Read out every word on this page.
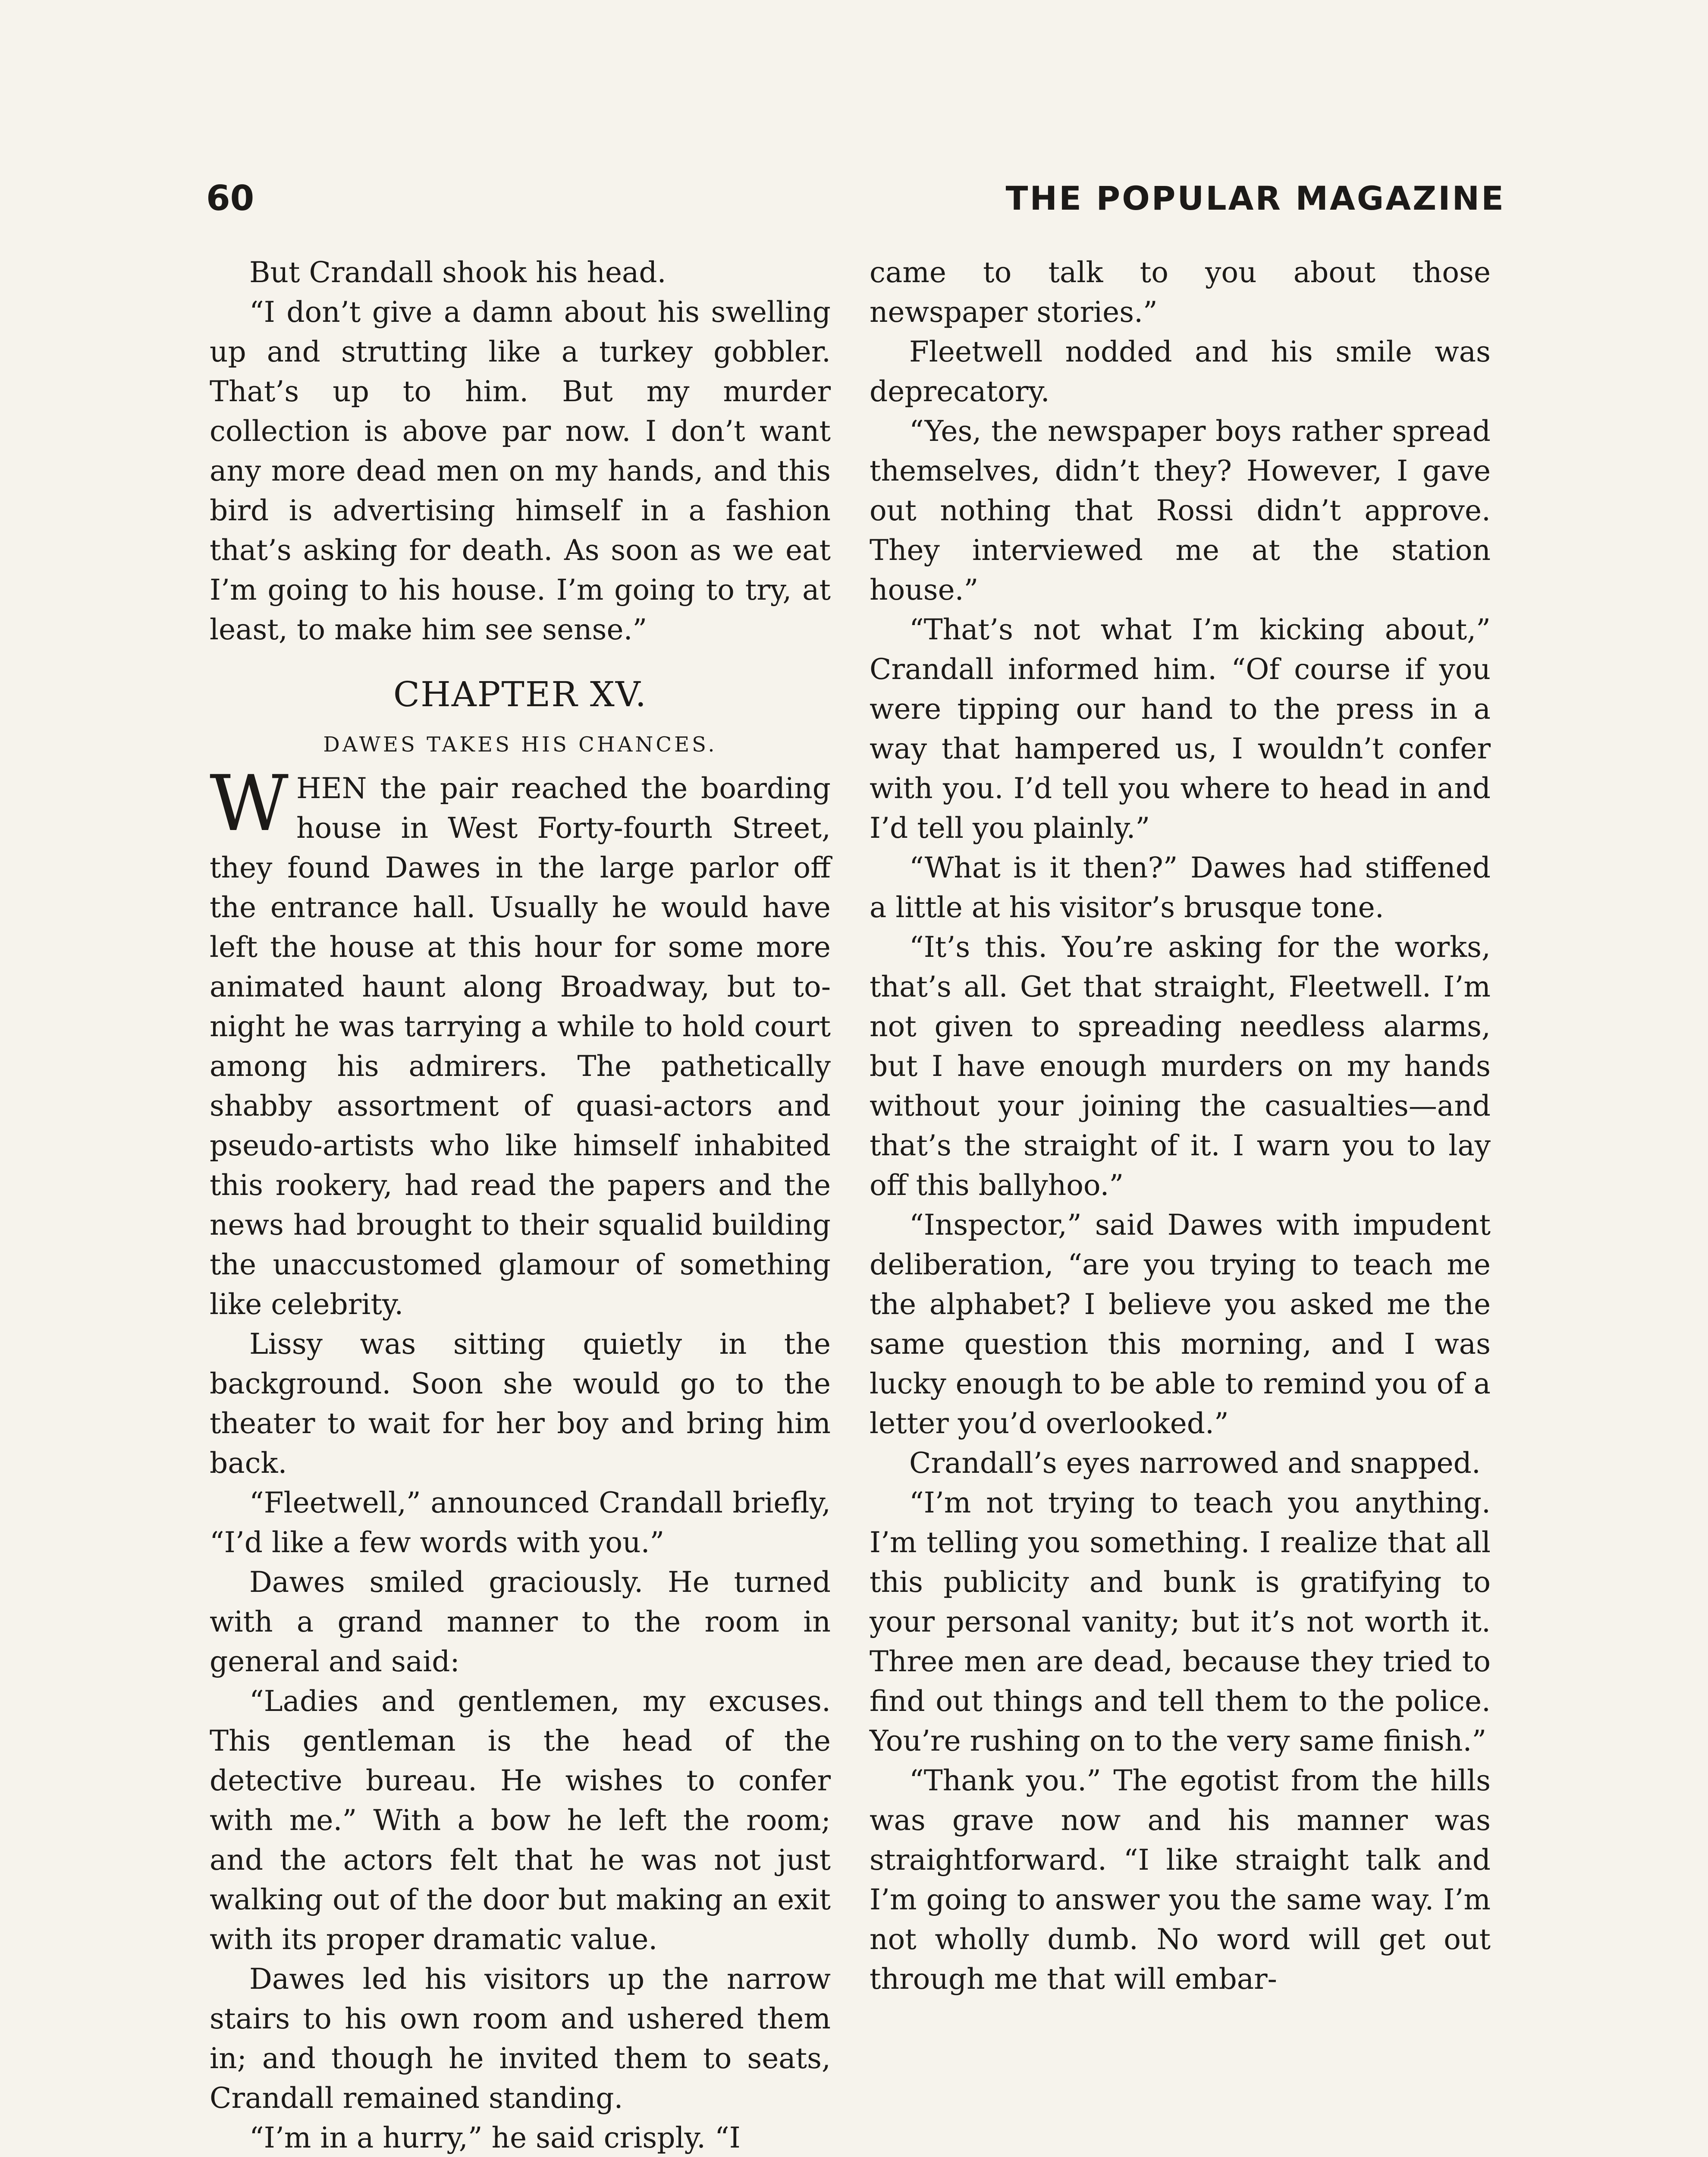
60	THE POPULAR MAGAZINE

But Crandall shook his head.

“I don’t give a damn about his swelling up and strutting like a turkey gobbler. That’s up to him. But my murder collection is above par now. I don’t want any more dead men on my hands, and this bird is advertising himself in a fashion that’s asking for death. As soon as we eat I’m going to his house. I’m going to try, at least, to make him see sense.”

CHAPTER XV.
DAWES TAKES HIS CHANCES.

W HEN the pair reached the boarding house in West Forty-fourth Street, they found Dawes in the large parlor off the entrance hall. Usually he would have left the house at this hour for some more animated haunt along Broadway, but to-night he was tarrying a while to hold court among his admirers. The pathetically shabby assortment of quasi-actors and pseudo-artists who like himself inhabited this rookery, had read the papers and the news had brought to their squalid building the unaccustomed glamour of something like celebrity.

Lissy was sitting quietly in the background. Soon she would go to the theater to wait for her boy and bring him back.

“Fleetwell,” announced Crandall briefly, “I’d like a few words with you.”

Dawes smiled graciously. He turned with a grand manner to the room in general and said:

“Ladies and gentlemen, my excuses. This gentleman is the head of the detective bureau. He wishes to confer with me.” With a bow he left the room; and the actors felt that he was not just walking out of the door but making an exit with its proper dramatic value.

Dawes led his visitors up the narrow stairs to his own room and ushered them in; and though he invited them to seats, Crandall remained standing.

“I’m in a hurry,” he said crisply. “I

came to talk to you about those newspaper stories.”

Fleetwell nodded and his smile was deprecatory.

“Yes, the newspaper boys rather spread themselves, didn’t they? However, I gave out nothing that Rossi didn’t approve. They interviewed me at the station house.”

“That’s not what I’m kicking about,” Crandall informed him. “Of course if you were tipping our hand to the press in a way that hampered us, I wouldn’t confer with you. I’d tell you where to head in and I’d tell you plainly.”

“What is it then?” Dawes had stiffened a little at his visitor’s brusque tone.

“It’s this. You’re asking for the works, that’s all. Get that straight, Fleetwell. I’m not given to spreading needless alarms, but I have enough murders on my hands without your joining the casualties—and that’s the straight of it. I warn you to lay off this ballyhoo.”

“Inspector,” said Dawes with impudent deliberation, “are you trying to teach me the alphabet? I believe you asked me the same question this morning, and I was lucky enough to be able to remind you of a letter you’d overlooked.”

Crandall’s eyes narrowed and snapped.

“I’m not trying to teach you anything. I’m telling you something. I realize that all this publicity and bunk is gratifying to your personal vanity; but it’s not worth it. Three men are dead, because they tried to find out things and tell them to the police. You’re rushing on to the very same finish.”

“Thank you.” The egotist from the hills was grave now and his manner was straightforward. “I like straight talk and I’m going to answer you the same way. I’m not wholly dumb. No word will get out through me that will embar-
